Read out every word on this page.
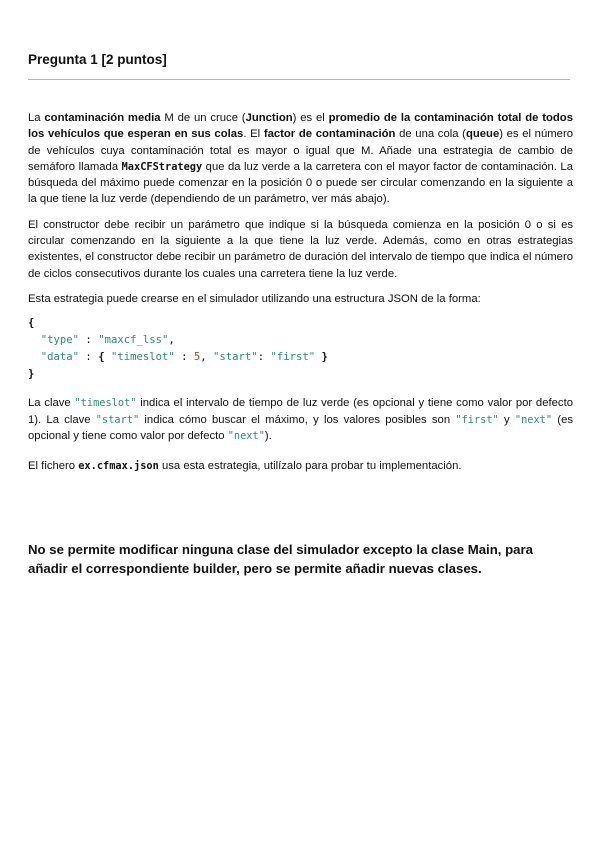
Pregunta 1 [2 puntos]

La contaminación media M de un cruce (Junction) es el promedio de la contaminación total de todos los vehículos que esperan en sus colas. El factor de contaminación de una cola (queue) es el número de vehículos cuya contaminación total es mayor o igual que M. Añade una estrategia de cambio de semáforo llamada MaxCFStrategy que da luz verde a la carretera con el mayor factor de contaminación. La búsqueda del máximo puede comenzar en la posición 0 o puede ser circular comenzando en la siguiente a la que tiene la luz verde (dependiendo de un parámetro, ver más abajo).

El constructor debe recibir un parámetro que indique si la búsqueda comienza en la posición 0 o si es circular comenzando en la siguiente a la que tiene la luz verde. Además, como en otras estrategias existentes, el constructor debe recibir un parámetro de duración del intervalo de tiempo que indica el número de ciclos consecutivos durante los cuales una carretera tiene la luz verde.

Esta estrategia puede crearse en el simulador utilizando una estructura JSON de la forma:

{
"type" : "maxcf_lss",
"data" : { "timeslot" : 5, "start": "first" }
}

La clave "timeslot" indica el intervalo de tiempo de luz verde (es opcional y tiene como valor por defecto 1). La clave "start" indica cómo buscar el máximo, y los valores posibles son "first" y "next" (es opcional y tiene como valor por defecto "next").

El fichero ex.cfmax.json usa esta estrategia, utilízalo para probar tu implementación.

No se permite modificar ninguna clase del simulador excepto la clase Main, para añadir el correspondiente builder, pero se permite añadir nuevas clases.
